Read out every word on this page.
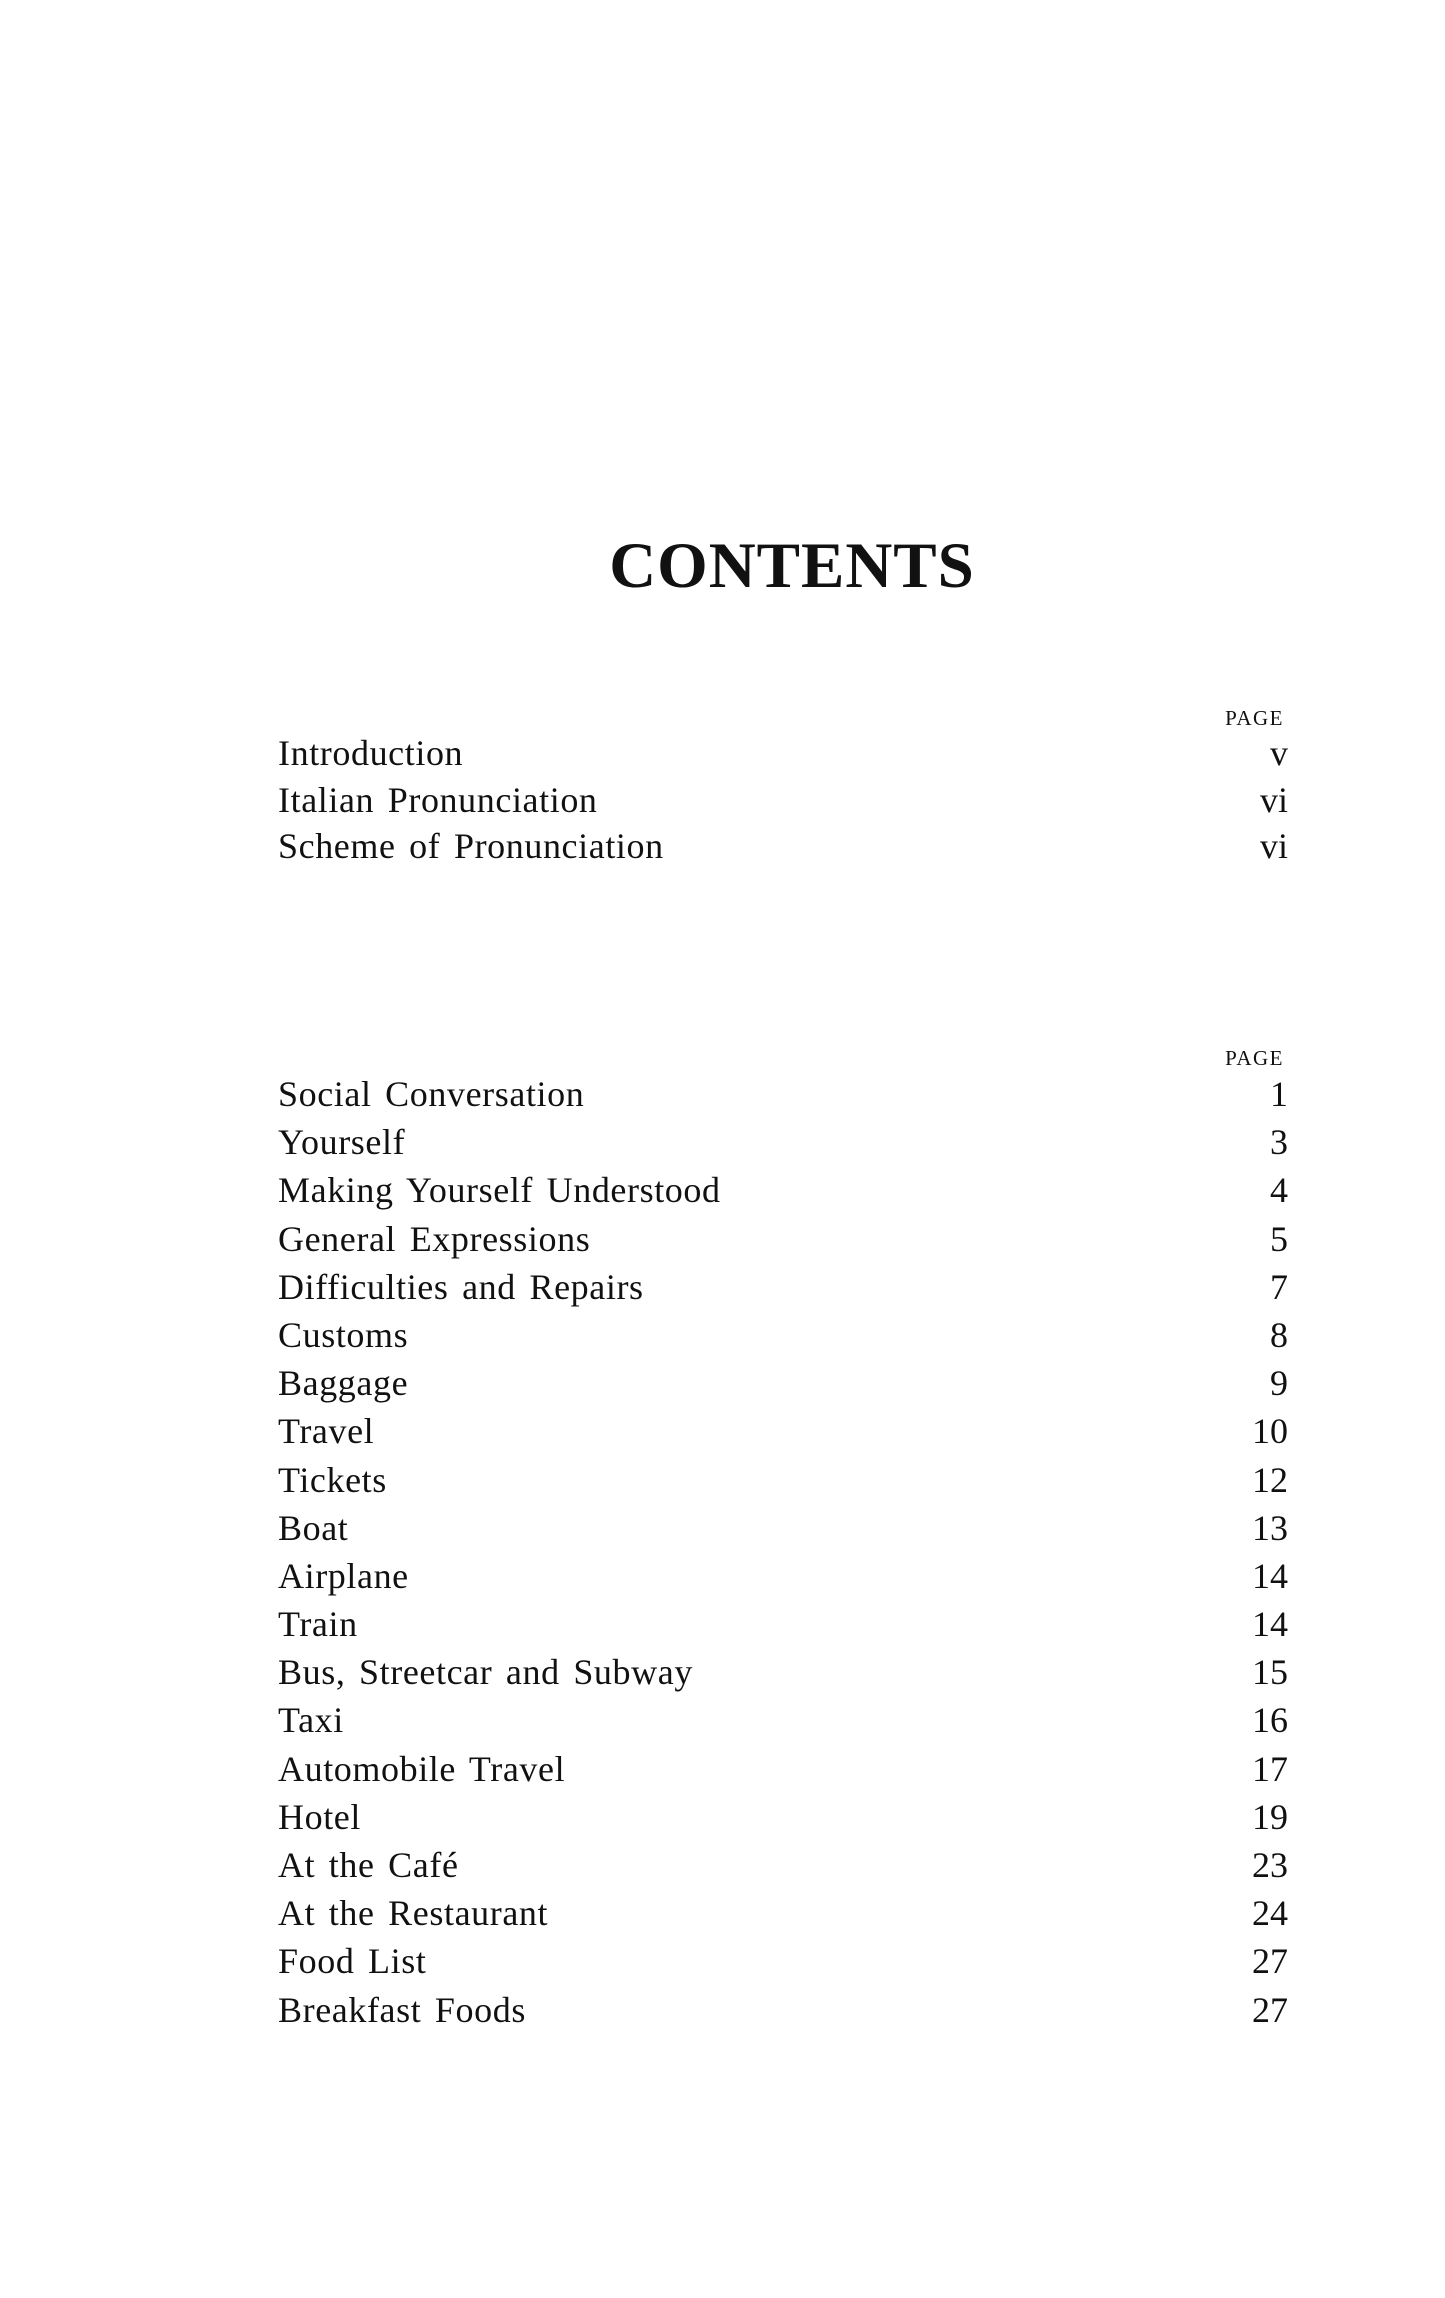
CONTENTS
PAGE
Introduction	v
Italian Pronunciation	vi
Scheme of Pronunciation	vi
PAGE
Social Conversation	1
Yourself	3
Making Yourself Understood	4
General Expressions	5
Difficulties and Repairs	7
Customs	8
Baggage	9
Travel	10
Tickets	12
Boat	13
Airplane	14
Train	14
Bus, Streetcar and Subway	15
Taxi	16
Automobile Travel	17
Hotel	19
At the Café	23
At the Restaurant	24
Food List	27
Breakfast Foods	27
